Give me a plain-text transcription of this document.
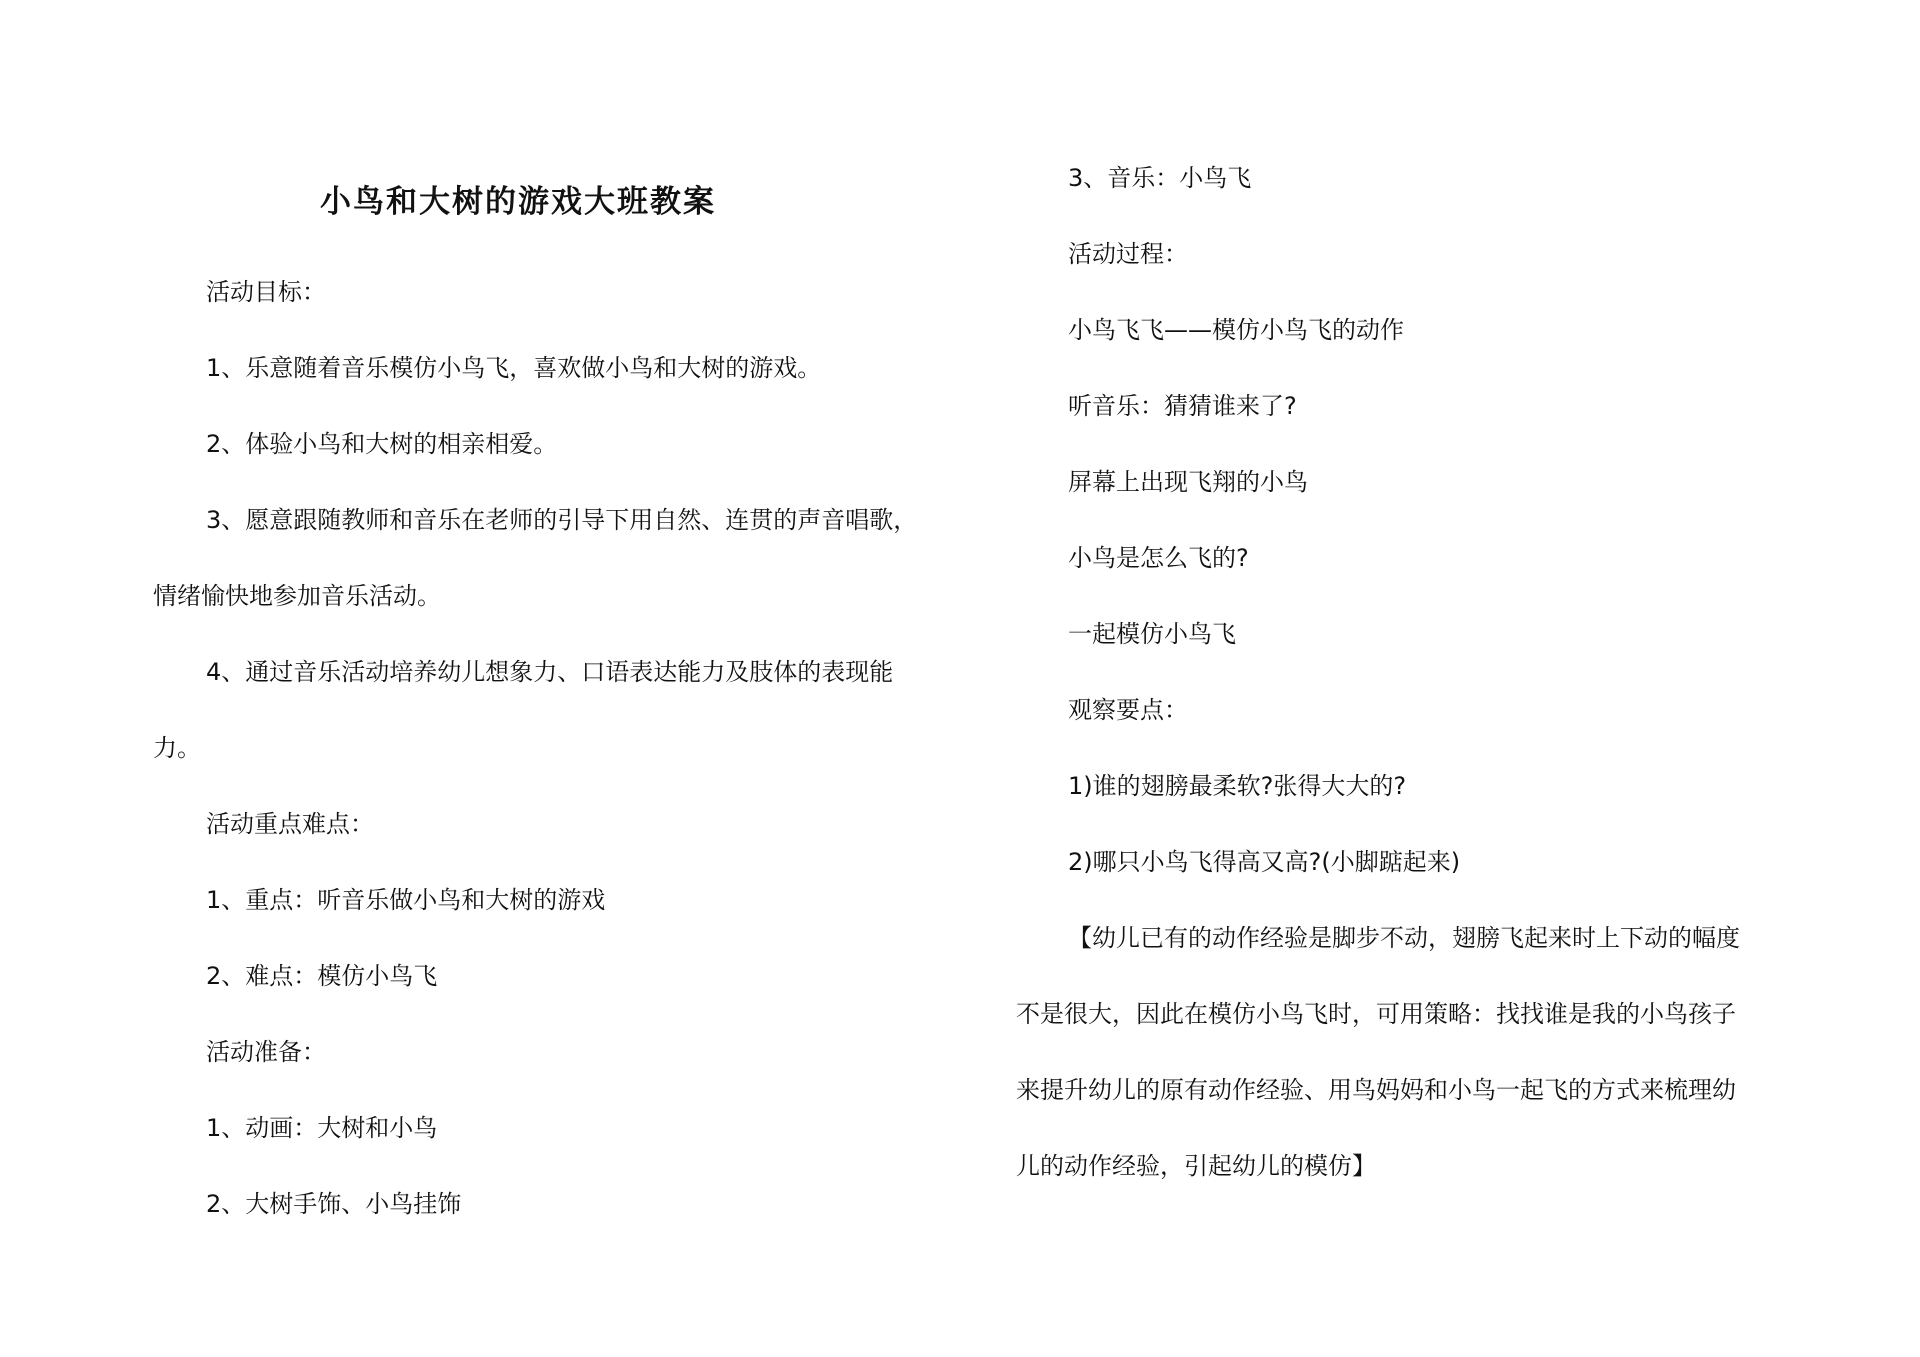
小鸟和大树的游戏大班教案
活动目标：
1、乐意随着音乐模仿小鸟飞，喜欢做小鸟和大树的游戏。
2、体验小鸟和大树的相亲相爱。
3、愿意跟随教师和音乐在老师的引导下用自然、连贯的声音唱歌，
情绪愉快地参加音乐活动。
4、通过音乐活动培养幼儿想象力、口语表达能力及肢体的表现能
力。
活动重点难点：
1、重点：听音乐做小鸟和大树的游戏
2、难点：模仿小鸟飞
活动准备：
1、动画：大树和小鸟
2、大树手饰、小鸟挂饰
3、音乐：小鸟飞
活动过程：
小鸟飞飞——模仿小鸟飞的动作
听音乐：猜猜谁来了?
屏幕上出现飞翔的小鸟
小鸟是怎么飞的?
一起模仿小鸟飞
观察要点：
1)谁的翅膀最柔软?张得大大的?
2)哪只小鸟飞得高又高?(小脚踮起来)
【幼儿已有的动作经验是脚步不动，翅膀飞起来时上下动的幅度
不是很大，因此在模仿小鸟飞时，可用策略：找找谁是我的小鸟孩子
来提升幼儿的原有动作经验、用鸟妈妈和小鸟一起飞的方式来梳理幼
儿的动作经验，引起幼儿的模仿】
